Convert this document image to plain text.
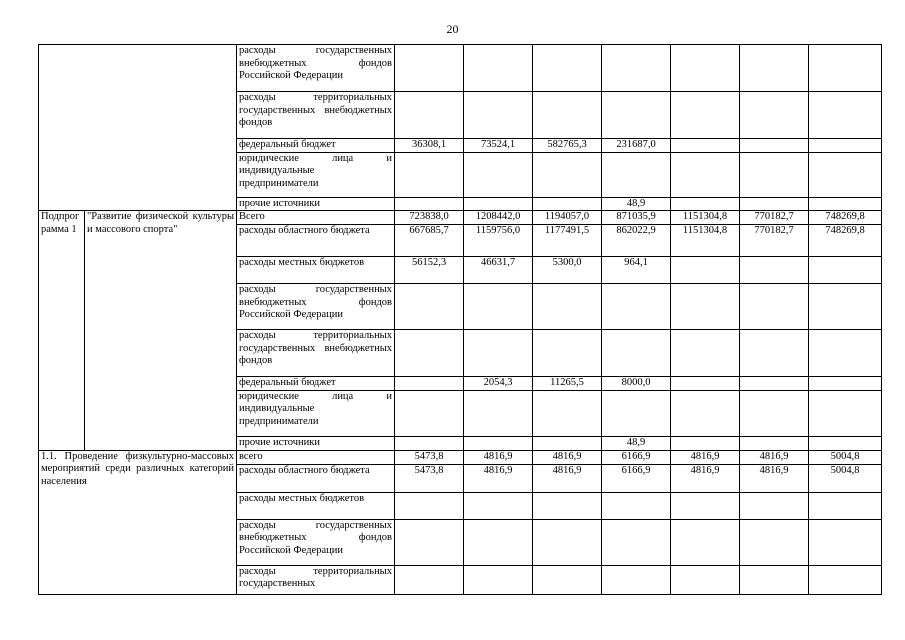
20
		расходы государственных внебюджетных фондов Российской Федерации							
		расходы территориальных государственных внебюджетных фондов							
		федеральный бюджет	36308,1	73524,1	582765,3	231687,0			
		юридические лица и индивидуальные предприниматели							
		прочие источники				48,9			
Подпрограмма 1	"Развитие физической культуры и массового спорта"	Всего	723838,0	1208442,0	1194057,0	871035,9	1151304,8	770182,7	748269,8
		расходы областного бюджета	667685,7	1159756,0	1177491,5	862022,9	1151304,8	770182,7	748269,8
		расходы местных бюджетов	56152,3	46631,7	5300,0	964,1			
		расходы государственных внебюджетных фондов Российской Федерации							
		расходы территориальных государственных внебюджетных фондов							
		федеральный бюджет		2054,3	11265,5	8000,0			
		юридические лица и индивидуальные предприниматели							
		прочие источники				48,9			
1.1. Проведение физкультурно-массовых мероприятий среди различных категорий населения		всего	5473,8	4816,9	4816,9	6166,9	4816,9	4816,9	5004,8
		расходы областного бюджета	5473,8	4816,9	4816,9	6166,9	4816,9	4816,9	5004,8
		расходы местных бюджетов							
		расходы государственных внебюджетных фондов Российской Федерации							
		расходы территориальных государственных							
